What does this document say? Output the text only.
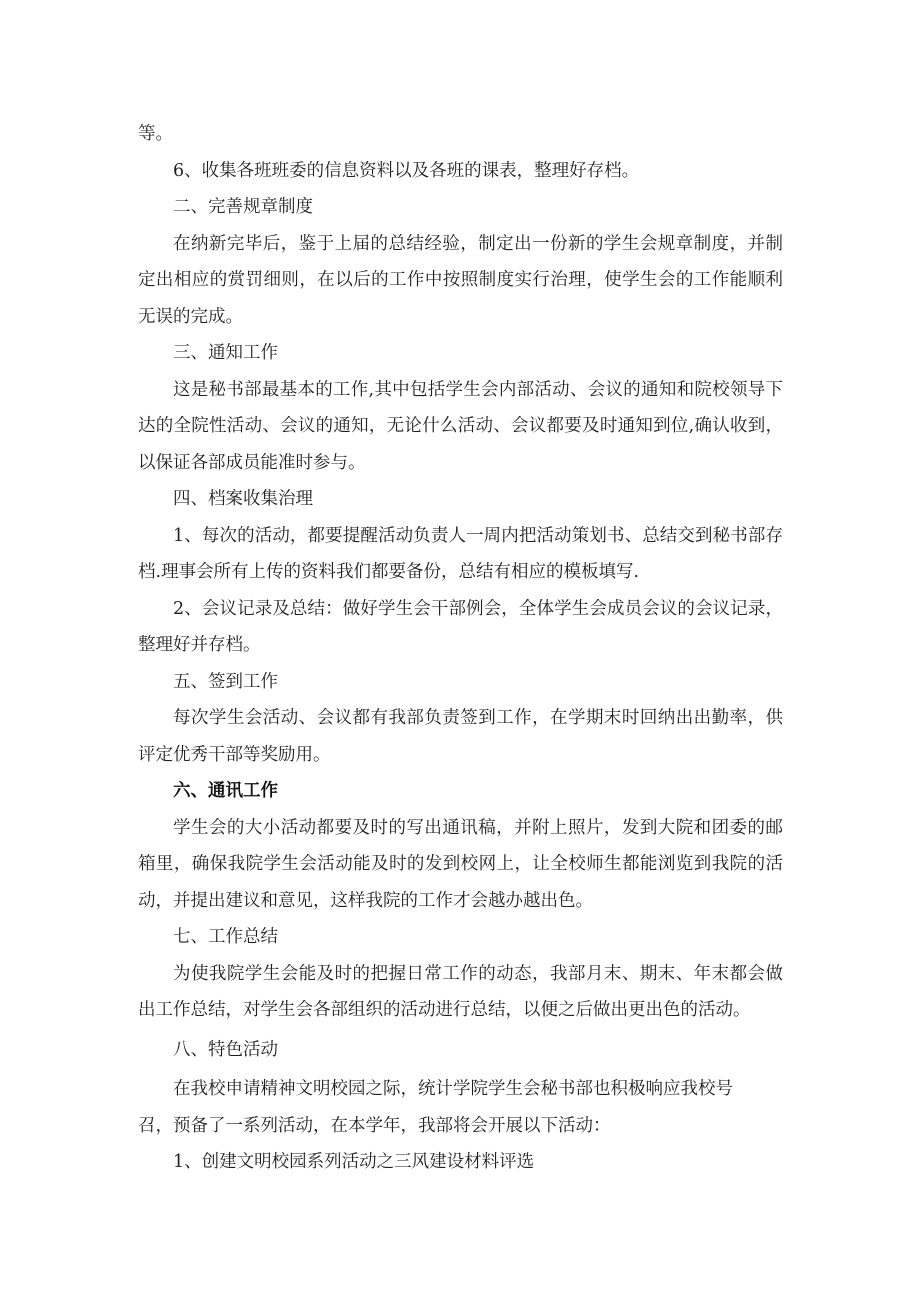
等。

6、收集各班班委的信息资料以及各班的课表，整理好存档。

二、完善规章制度

在纳新完毕后，鉴于上届的总结经验，制定出一份新的学生会规章制度，并制定出相应的赏罚细则，在以后的工作中按照制度实行治理，使学生会的工作能顺利无误的完成。

三、通知工作

这是秘书部最基本的工作,其中包括学生会内部活动、会议的通知和院校领导下达的全院性活动、会议的通知，无论什么活动、会议都要及时通知到位,确认收到，以保证各部成员能准时参与。

四、档案收集治理

1、每次的活动，都要提醒活动负责人一周内把活动策划书、总结交到秘书部存档.理事会所有上传的资料我们都要备份，总结有相应的模板填写.

2、会议记录及总结：做好学生会干部例会，全体学生会成员会议的会议记录，整理好并存档。

五、签到工作

每次学生会活动、会议都有我部负责签到工作，在学期末时回纳出出勤率，供评定优秀干部等奖励用。

六、通讯工作

学生会的大小活动都要及时的写出通讯稿，并附上照片，发到大院和团委的邮箱里，确保我院学生会活动能及时的发到校网上，让全校师生都能浏览到我院的活动，并提出建议和意见，这样我院的工作才会越办越出色。

七、工作总结

为使我院学生会能及时的把握日常工作的动态，我部月末、期末、年末都会做出工作总结，对学生会各部组织的活动进行总结，以便之后做出更出色的活动。

八、特色活动

在我校申请精神文明校园之际，统计学院学生会秘书部也积极响应我校号

召，预备了一系列活动，在本学年，我部将会开展以下活动：

1、创建文明校园系列活动之三风建设材料评选
